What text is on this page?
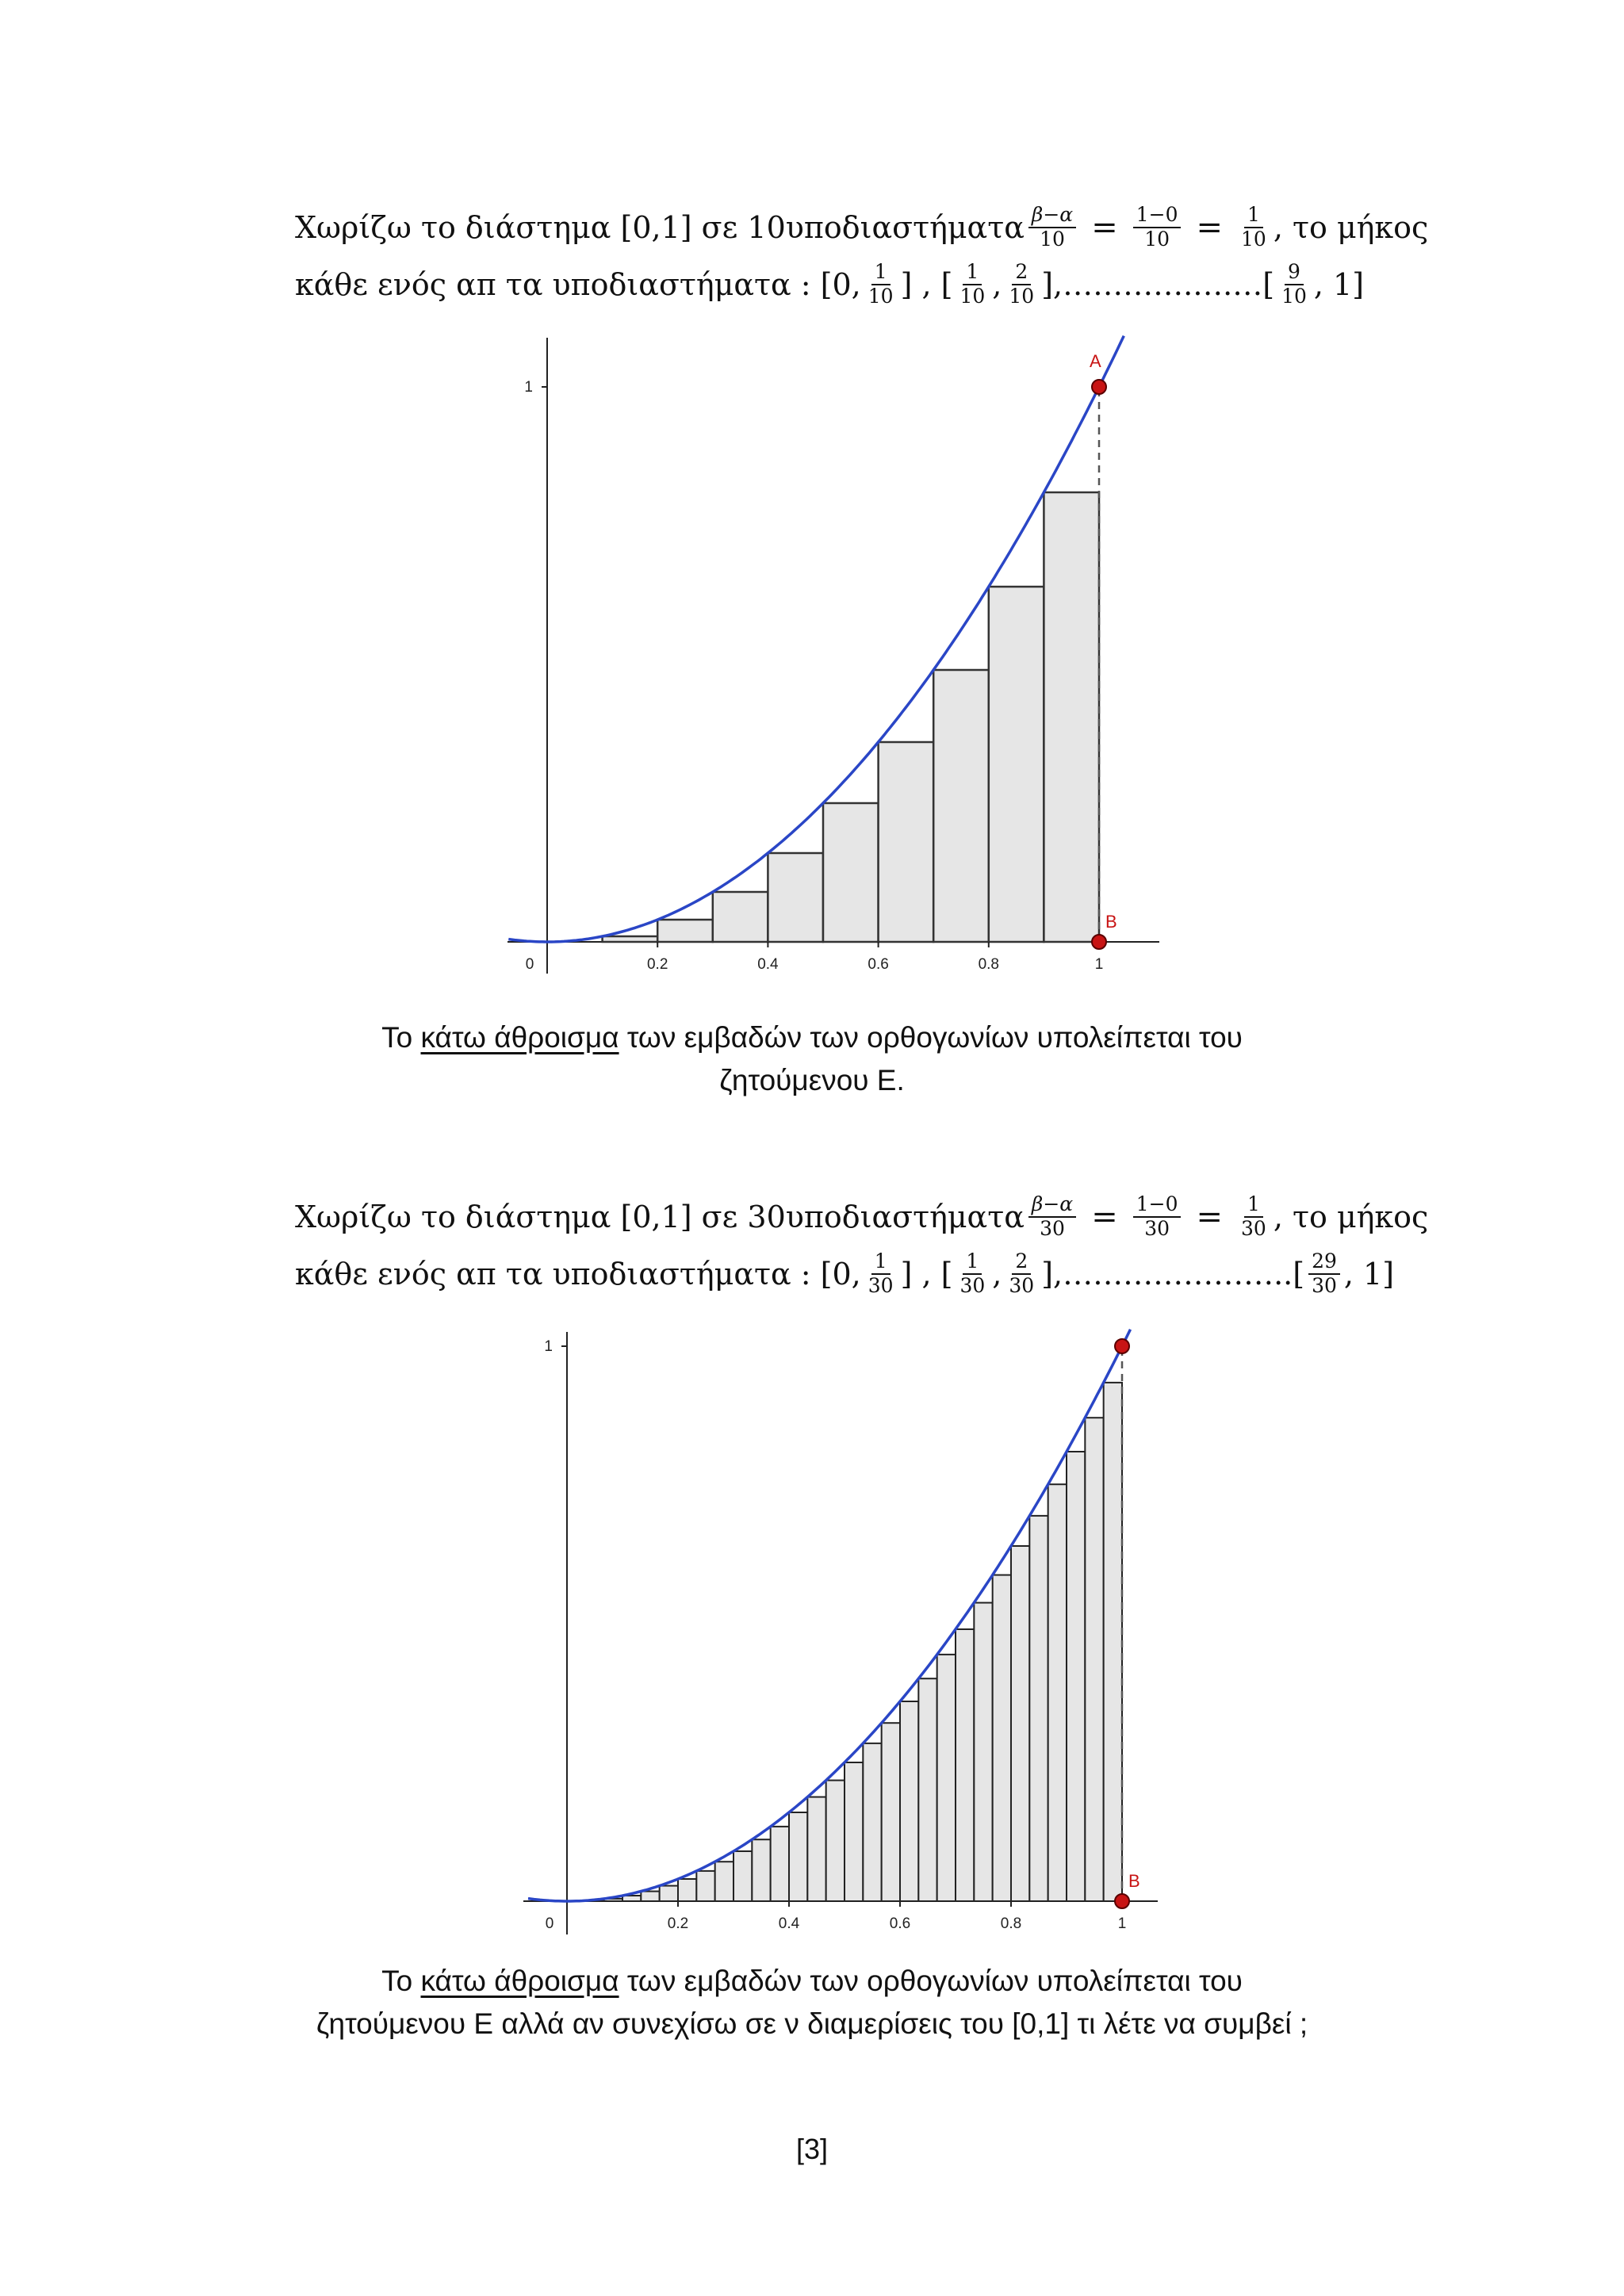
Χωρίζω το διάστημα [0,1] σε $10\upsilon\pi o\delta\iota\alpha\sigma\tau ή\mu\alpha\tau\alpha \frac{\beta-\alpha}{10} = \frac{1-0}{10} = \frac{1}{10}$ , το μήκος
κάθε ενός απ τα υποδιαστήματα : [0, $\frac{1}{10}$ ] , [ $\frac{1}{10}$ , $\frac{2}{10}$ ],………….….…[ $\frac{9}{10}$ , 1]
0	0.2	0.4	0.6	0.8	1
1
A
B
Το κάτω άθροισμα των εμβαδών των ορθογωνίων υπολείπεται του
ζητούμενου Ε.
Χωρίζω το διάστημα [0,1] σε $30\upsilon\pi o\delta\iota\alpha\sigma\tau ή\mu\alpha\tau\alpha \frac{\beta-\alpha}{30} = \frac{1-0}{30} = \frac{1}{30}$ , το μήκος
κάθε ενός απ τα υποδιαστήματα : [0, $\frac{1}{30}$ ] , [ $\frac{1}{30}$ , $\frac{2}{30}$ ],…………………..[ $\frac{29}{30}$ , 1]
0	0.2	0.4	0.6	0.8	1
1
B
Το κάτω άθροισμα των εμβαδών των ορθογωνίων υπολείπεται του
ζητούμενου Ε αλλά αν συνεχίσω σε ν διαμερίσεις του [0,1] τι λέτε να συμβεί ;
[3]
